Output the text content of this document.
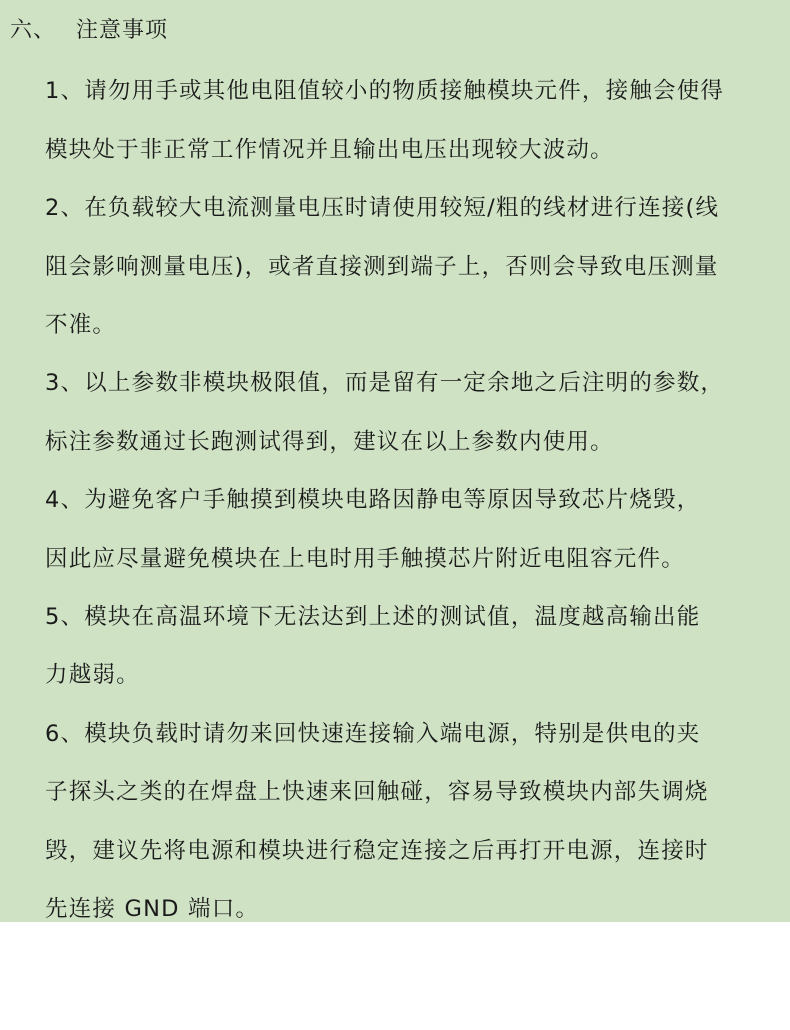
六、 注意事项
1、请勿用手或其他电阻值较小的物质接触模块元件，接触会使得
模块处于非正常工作情况并且输出电压出现较大波动。
2、在负载较大电流测量电压时请使用较短/粗的线材进行连接(线
阻会影响测量电压)，或者直接测到端子上，否则会导致电压测量
不准。
3、以上参数非模块极限值，而是留有一定余地之后注明的参数，
标注参数通过长跑测试得到，建议在以上参数内使用。
4、为避免客户手触摸到模块电路因静电等原因导致芯片烧毁，
因此应尽量避免模块在上电时用手触摸芯片附近电阻容元件。
5、模块在高温环境下无法达到上述的测试值，温度越高输出能
力越弱。
6、模块负载时请勿来回快速连接输入端电源，特别是供电的夹
子探头之类的在焊盘上快速来回触碰，容易导致模块内部失调烧
毁，建议先将电源和模块进行稳定连接之后再打开电源，连接时
先连接 GND 端口。
